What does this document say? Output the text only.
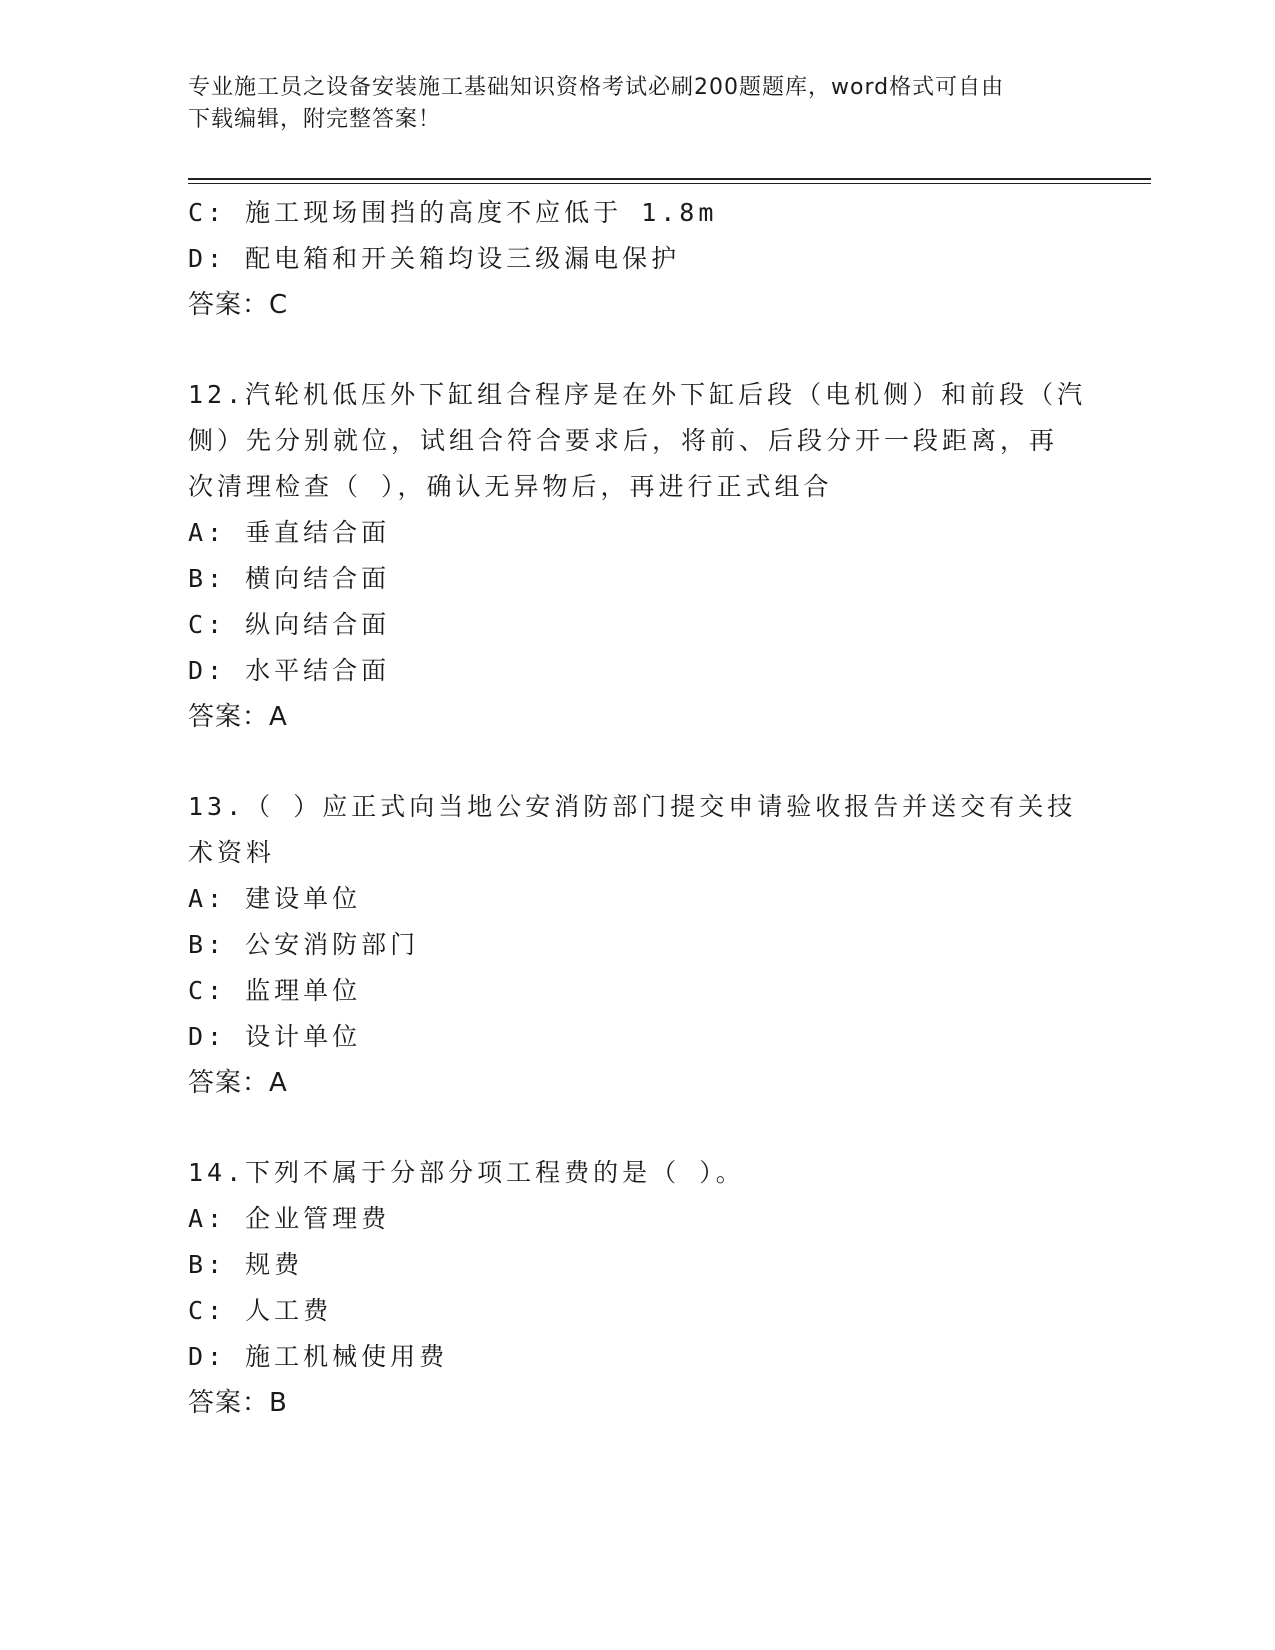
专业施工员之设备安装施工基础知识资格考试必刷200题题库，word格式可自由
下载编辑，附完整答案！
C: 施工现场围挡的高度不应低于 1.8m
D: 配电箱和开关箱均设三级漏电保护
答案：C
12.汽轮机低压外下缸组合程序是在外下缸后段（电机侧）和前段（汽
侧）先分别就位，试组合符合要求后，将前、后段分开一段距离，再
次清理检查（ ），确认无异物后，再进行正式组合
A: 垂直结合面
B: 横向结合面
C: 纵向结合面
D: 水平结合面
答案：A
13.（ ）应正式向当地公安消防部门提交申请验收报告并送交有关技
术资料
A: 建设单位
B: 公安消防部门
C: 监理单位
D: 设计单位
答案：A
14.下列不属于分部分项工程费的是（ ）。
A: 企业管理费
B: 规费
C: 人工费
D: 施工机械使用费
答案：B
